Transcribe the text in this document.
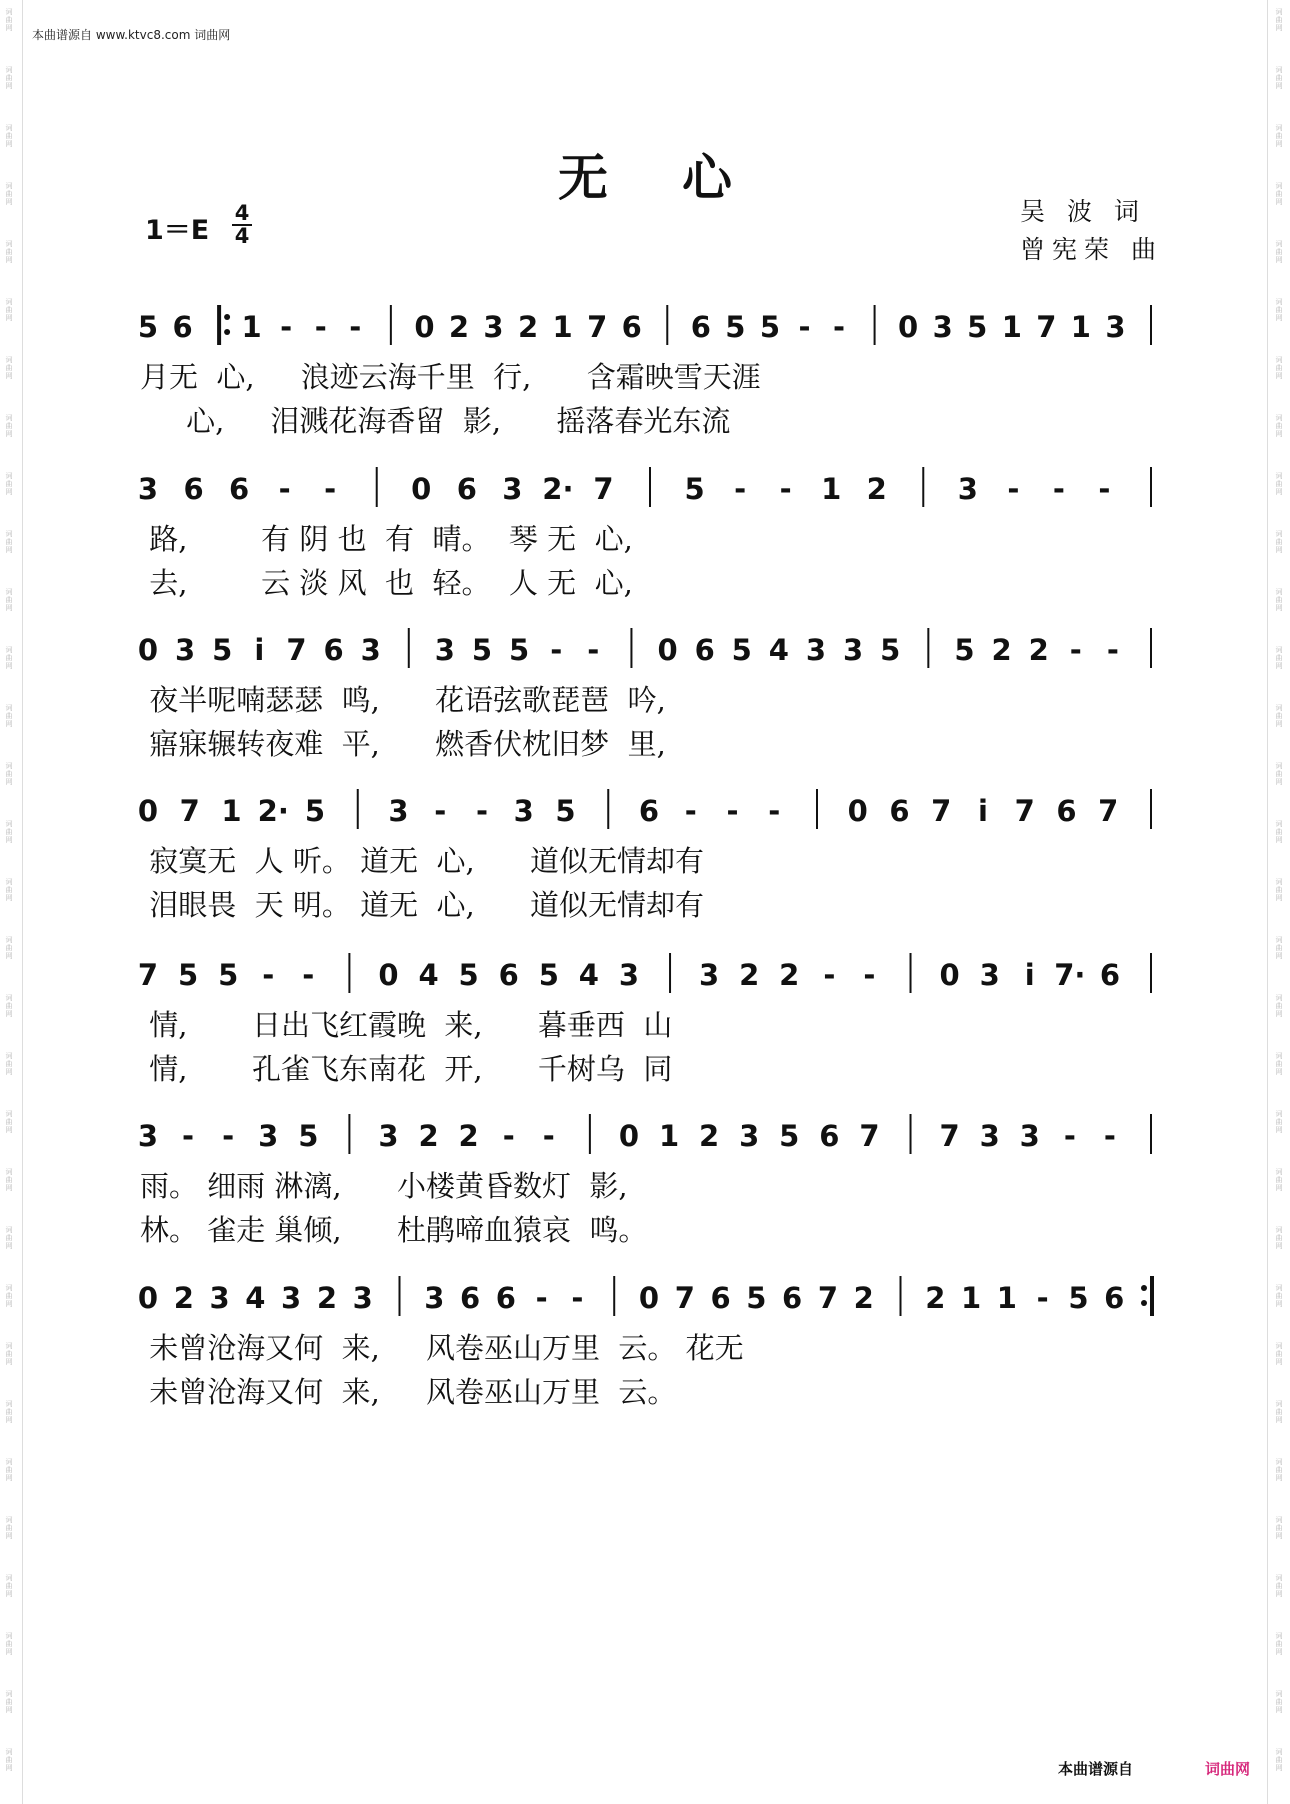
词
曲
网
词
曲
网
词
曲
网
词
曲
网
词
曲
网
词
曲
网
词
曲
网
词
曲
网
词
曲
网
词
曲
网
词
曲
网
词
曲
网
词
曲
网
词
曲
网
词
曲
网
词
曲
网
词
曲
网
词
曲
网
词
曲
网
词
曲
网
词
曲
网
词
曲
网
词
曲
网
词
曲
网
词
曲
网
词
曲
网
词
曲
网
词
曲
网
词
曲
网
词
曲
网
词
曲
网
词
曲
网
词
曲
网
词
曲
网
词
曲
网
词
曲
网
词
曲
网
词
曲
网
词
曲
网
词
曲
网
词
曲
网
词
曲
网
词
曲
网
词
曲
网
词
曲
网
词
曲
网
词
曲
网
词
曲
网
词
曲
网
词
曲
网
词
曲
网
词
曲
网
词
曲
网
词
曲
网
词
曲
网
词
曲
网
词
曲
网
词
曲
网
词
曲
网
词
曲
网
词
曲
网
词
曲
网
本曲谱源自 www.ktvc8.com 词曲网
无心
1＝E
4
4
吴 波 词
曾宪荣 曲
5 6 1 - - - 0 2 3 2 1 7 6 6 5 5 - - 0 3 5 1 7 1 3
月无  心,     浪迹云海千里  行,      含霜映雪天涯
心,     泪溅花海香留  影,      摇落春光东流
3 6 6 - -	0 6 3 2· 7 5 - - 1 2 3 - - -
路,        有 阴 也  有  晴。  琴 无  心,
去,        云 淡 风  也  轻。  人 无  心,
0 3 5 i 7 6 3 3 5 5 - - 0 6 5 4 3 3 5 5 2 2 - -
夜半呢喃瑟瑟  鸣,      花语弦歌琵琶  吟,
寤寐辗转夜难  平,      燃香伏枕旧梦  里,
0 7 1 2· 5 3 - - 3 5 6 - - - 0 6 7 i 7 6 7
寂寞无  人 听。 道无  心,      道似无情却有
泪眼畏  天 明。 道无  心,      道似无情却有
7 5 5 - - 0 4 5 6 5 4 3 3 2 2 - - 0 3 i 7· 6
情,       日出飞红霞晚  来,      暮垂西  山
情,       孔雀飞东南花  开,      千树乌  同
3 - - 3 5 3 2 2 - - 0 1 2 3 5 6 7 7 3 3 - -
雨。 细雨 淋漓,      小楼黄昏数灯  影,
林。 雀走 巢倾,      杜鹃啼血猿哀  鸣。
0 2 3 4 3 2 3 3 6 6 - - 0 7 6 5 6 7 2 2 1 1 - 5 6
未曾沧海又何  来,     风卷巫山万里  云。 花无
未曾沧海又何  来,     风卷巫山万里  云。
本曲谱源自	词曲网
